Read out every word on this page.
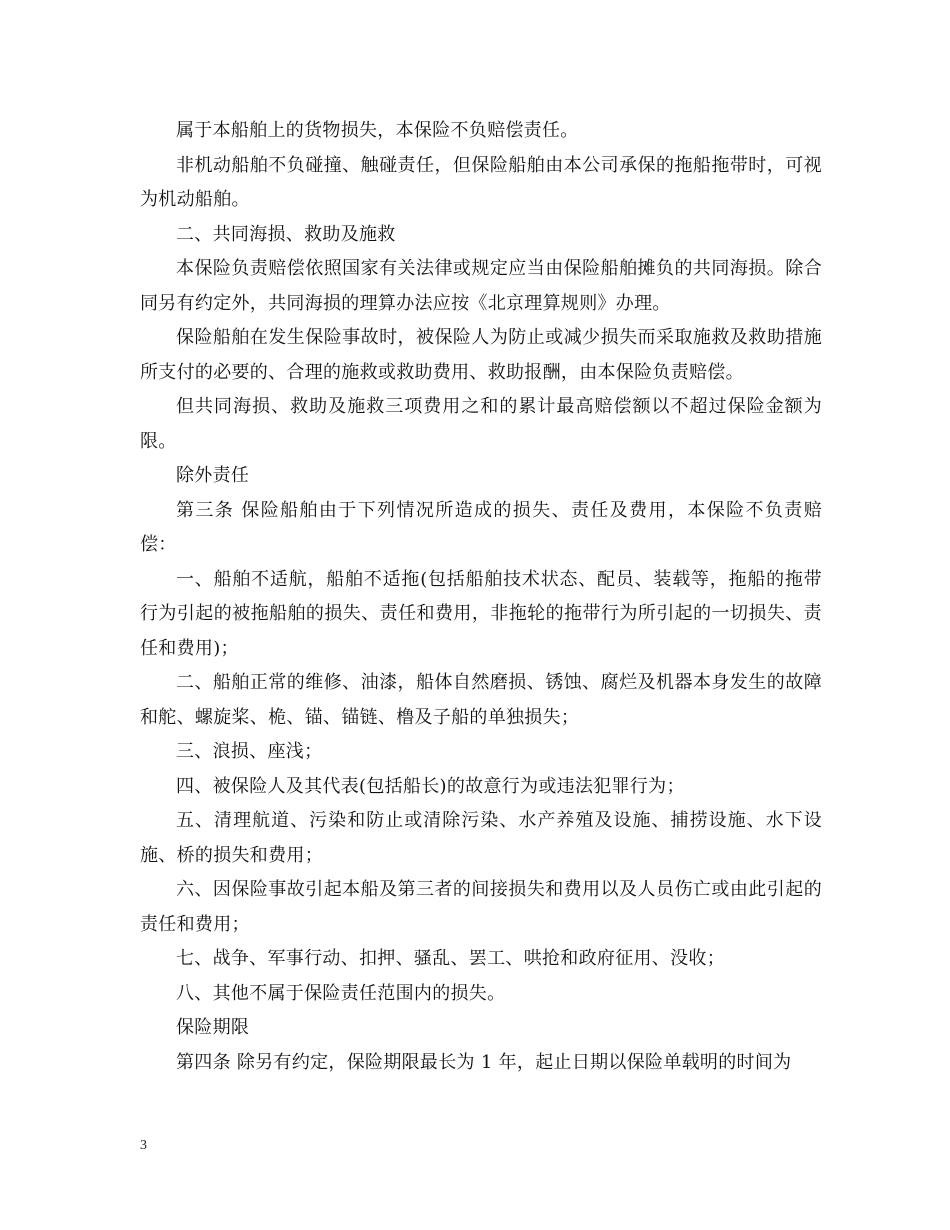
属于本船舶上的货物损失，本保险不负赔偿责任。

非机动船舶不负碰撞、触碰责任，但保险船舶由本公司承保的拖船拖带时，可视为机动船舶。

二、共同海损、救助及施救

本保险负责赔偿依照国家有关法律或规定应当由保险船舶摊负的共同海损。除合同另有约定外，共同海损的理算办法应按《北京理算规则》办理。

保险船舶在发生保险事故时，被保险人为防止或减少损失而采取施救及救助措施所支付的必要的、合理的施救或救助费用、救助报酬，由本保险负责赔偿。

但共同海损、救助及施救三项费用之和的累计最高赔偿额以不超过保险金额为限。

除外责任

第三条 保险船舶由于下列情况所造成的损失、责任及费用，本保险不负责赔偿：

一、船舶不适航，船舶不适拖(包括船舶技术状态、配员、装载等，拖船的拖带行为引起的被拖船舶的损失、责任和费用，非拖轮的拖带行为所引起的一切损失、责任和费用)；

二、船舶正常的维修、油漆，船体自然磨损、锈蚀、腐烂及机器本身发生的故障和舵、螺旋桨、桅、锚、锚链、橹及子船的单独损失；

三、浪损、座浅；

四、被保险人及其代表(包括船长)的故意行为或违法犯罪行为；

五、清理航道、污染和防止或清除污染、水产养殖及设施、捕捞设施、水下设施、桥的损失和费用；

六、因保险事故引起本船及第三者的间接损失和费用以及人员伤亡或由此引起的责任和费用；

七、战争、军事行动、扣押、骚乱、罢工、哄抢和政府征用、没收；

八、其他不属于保险责任范围内的损失。

保险期限

第四条 除另有约定，保险期限最长为 1 年，起止日期以保险单载明的时间为

3
